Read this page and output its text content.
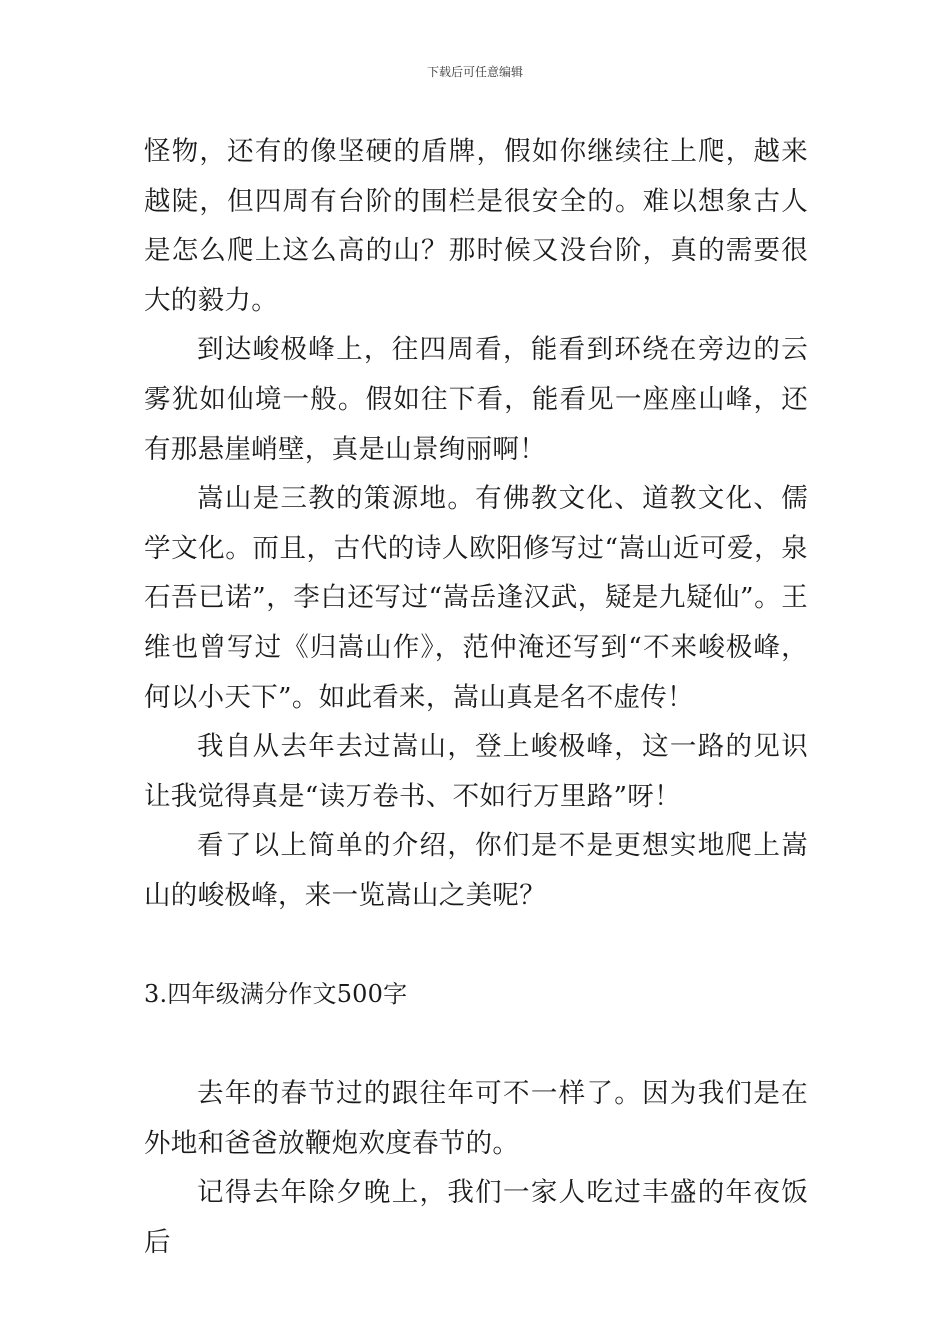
下载后可任意编辑

怪物，还有的像坚硬的盾牌，假如你继续往上爬，越来越陡，但四周有台阶的围栏是很安全的。难以想象古人是怎么爬上这么高的山？那时候又没台阶，真的需要很大的毅力。

到达峻极峰上，往四周看，能看到环绕在旁边的云雾犹如仙境一般。假如往下看，能看见一座座山峰，还有那悬崖峭壁，真是山景绚丽啊！

嵩山是三教的策源地。有佛教文化、道教文化、儒学文化。而且，古代的诗人欧阳修写过“嵩山近可爱，泉石吾已诺”，李白还写过“嵩岳逢汉武，疑是九疑仙”。王维也曾写过《归嵩山作》，范仲淹还写到“不来峻极峰，何以小天下”。如此看来，嵩山真是名不虚传！

我自从去年去过嵩山，登上峻极峰，这一路的见识让我觉得真是“读万卷书、不如行万里路”呀！

看了以上简单的介绍，你们是不是更想实地爬上嵩山的峻极峰，来一览嵩山之美呢？

3.四年级满分作文500字

去年的春节过的跟往年可不一样了。因为我们是在外地和爸爸放鞭炮欢度春节的。

记得去年除夕晚上，我们一家人吃过丰盛的年夜饭后
